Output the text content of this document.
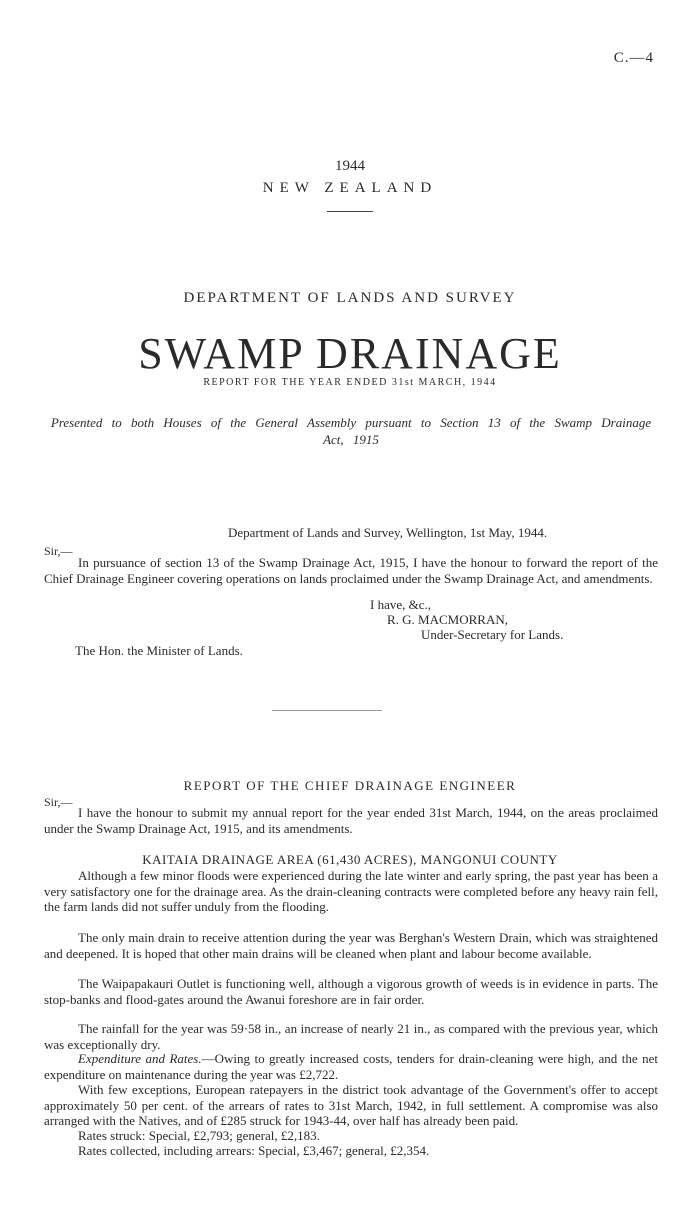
C.—4
1944
NEW ZEALAND
DEPARTMENT OF LANDS AND SURVEY
SWAMP DRAINAGE
REPORT FOR THE YEAR ENDED 31st MARCH, 1944
Presented to both Houses of the General Assembly pursuant to Section 13 of the Swamp Drainage Act, 1915
Department of Lands and Survey, Wellington, 1st May, 1944.
Sir,—
In pursuance of section 13 of the Swamp Drainage Act, 1915, I have the honour to forward the report of the Chief Drainage Engineer covering operations on lands proclaimed under the Swamp Drainage Act, and amendments.
I have, &c.,
R. G. MACMORRAN,
Under-Secretary for Lands.
The Hon. the Minister of Lands.
REPORT OF THE CHIEF DRAINAGE ENGINEER
Sir,—
I have the honour to submit my annual report for the year ended 31st March, 1944, on the areas proclaimed under the Swamp Drainage Act, 1915, and its amendments.
KAITAIA DRAINAGE AREA (61,430 ACRES), MANGONUI COUNTY
Although a few minor floods were experienced during the late winter and early spring, the past year has been a very satisfactory one for the drainage area. As the drain-cleaning contracts were completed before any heavy rain fell, the farm lands did not suffer unduly from the flooding.
The only main drain to receive attention during the year was Berghan's Western Drain, which was straightened and deepened. It is hoped that other main drains will be cleaned when plant and labour become available.
The Waipapakauri Outlet is functioning well, although a vigorous growth of weeds is in evidence in parts. The stop-banks and flood-gates around the Awanui foreshore are in fair order.
The rainfall for the year was 59·58 in., an increase of nearly 21 in., as compared with the previous year, which was exceptionally dry.
Expenditure and Rates.—Owing to greatly increased costs, tenders for drain-cleaning were high, and the net expenditure on maintenance during the year was £2,722.
With few exceptions, European ratepayers in the district took advantage of the Government's offer to accept approximately 50 per cent. of the arrears of rates to 31st March, 1942, in full settlement. A compromise was also arranged with the Natives, and of £285 struck for 1943-44, over half has already been paid.
Rates struck: Special, £2,793; general, £2,183.
Rates collected, including arrears: Special, £3,467; general, £2,354.
